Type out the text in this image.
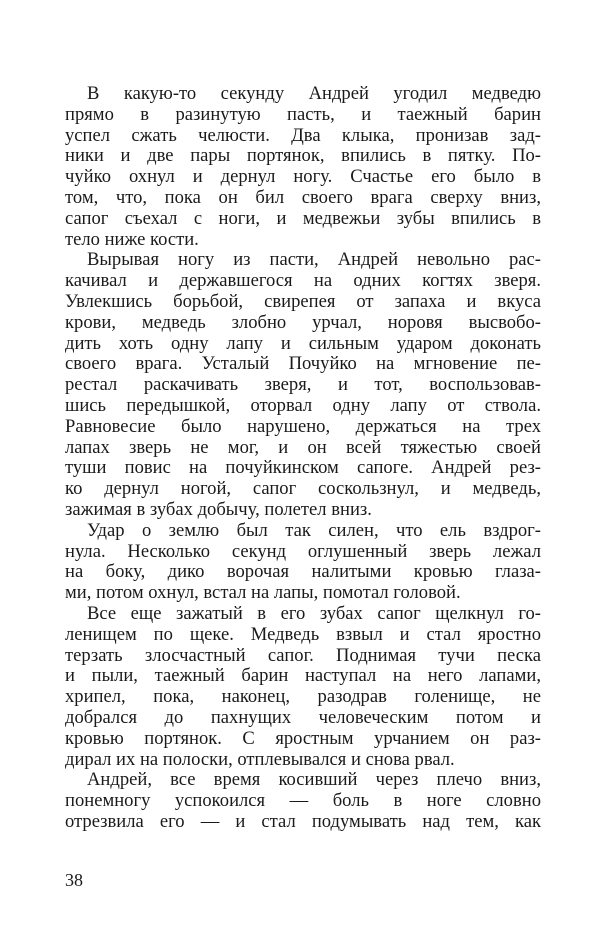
В какую-то секунду Андрей угодил медведю
прямо в разинутую пасть, и таежный барин
успел сжать челюсти. Два клыка, пронизав зад-
ники и две пары портянок, впились в пятку. По-
чуйко охнул и дернул ногу. Счастье его было в
том, что, пока он бил своего врага сверху вниз,
сапог съехал с ноги, и медвежьи зубы впились в
тело ниже кости.
Вырывая ногу из пасти, Андрей невольно рас-
качивал и державшегося на одних когтях зверя.
Увлекшись борьбой, свирепея от запаха и вкуса
крови, медведь злобно урчал, норовя высвобо-
дить хоть одну лапу и сильным ударом доконать
своего врага. Усталый Почуйко на мгновение пе-
рестал раскачивать зверя, и тот, воспользовав-
шись передышкой, оторвал одну лапу от ствола.
Равновесие было нарушено, держаться на трех
лапах зверь не мог, и он всей тяжестью своей
туши повис на почуйкинском сапоге. Андрей рез-
ко дернул ногой, сапог соскользнул, и медведь,
зажимая в зубах добычу, полетел вниз.
Удар о землю был так силен, что ель вздрог-
нула. Несколько секунд оглушенный зверь лежал
на боку, дико ворочая налитыми кровью глаза-
ми, потом охнул, встал на лапы, помотал головой.
Все еще зажатый в его зубах сапог щелкнул го-
ленищем по щеке. Медведь взвыл и стал яростно
терзать злосчастный сапог. Поднимая тучи песка
и пыли, таежный барин наступал на него лапами,
хрипел, пока, наконец, разодрав голенище, не
добрался до пахнущих человеческим потом и
кровью портянок. С яростным урчанием он раз-
дирал их на полоски, отплевывался и снова рвал.
Андрей, все время косивший через плечо вниз,
понемногу успокоился — боль в ноге словно
отрезвила его — и стал подумывать над тем, как
38
